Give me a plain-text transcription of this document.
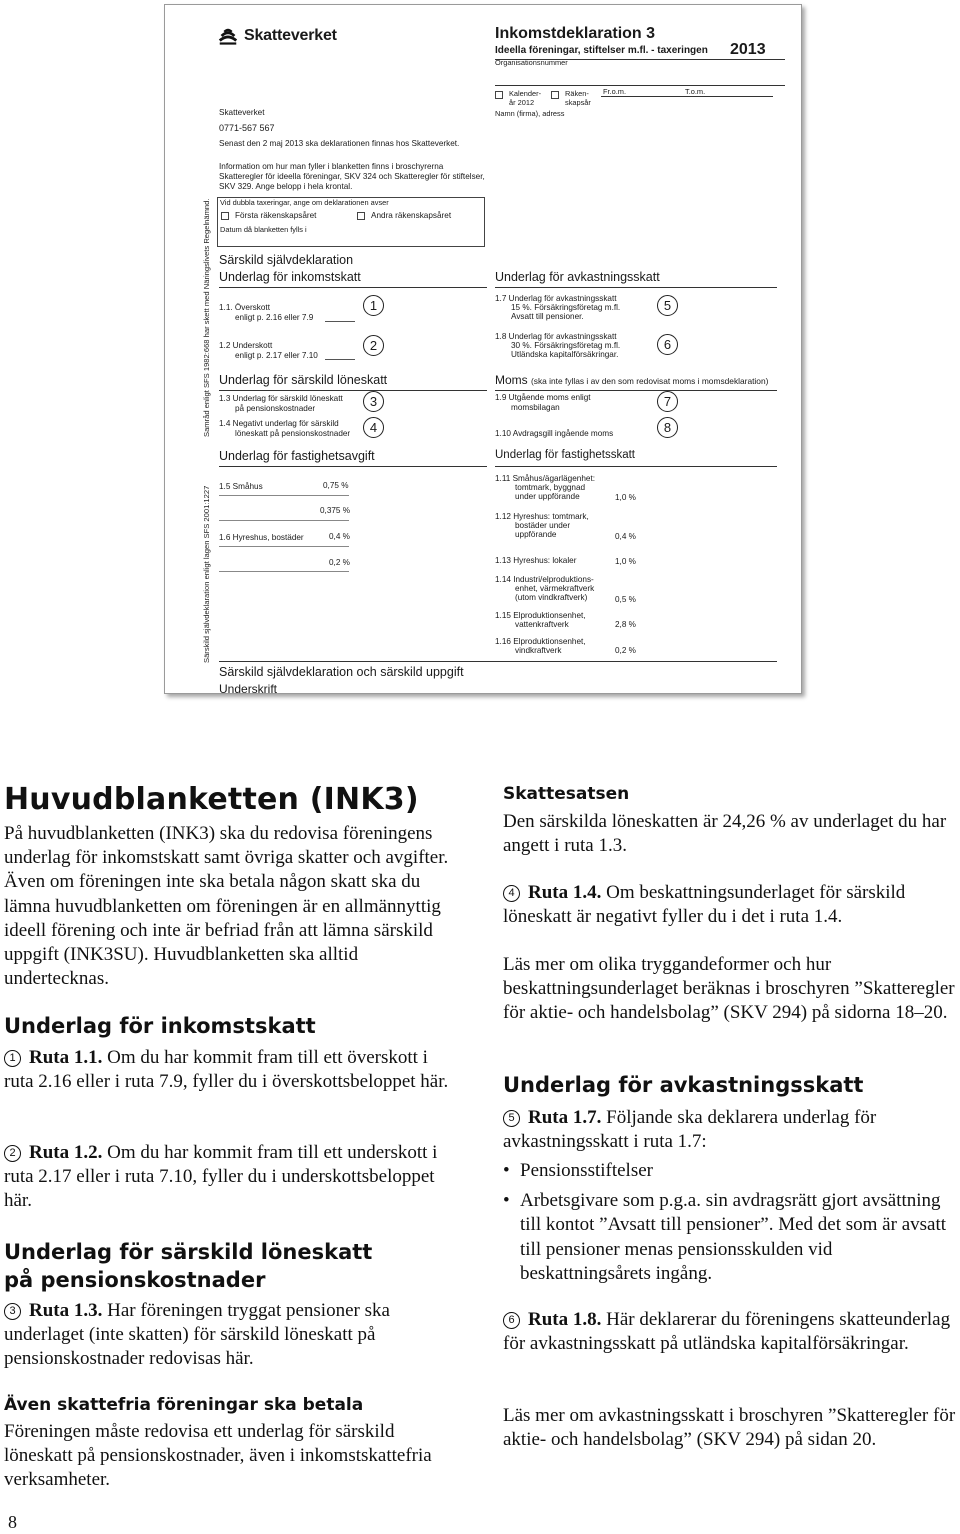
Skatteverket	Inkomstdeklaration 3
Ideella föreningar, stiftelser m.fl. - taxeringen 2013
Organisationsnummer
Kalender-
år 2012
Räken-
skapsår
Fr.o.m.	T.o.m.
Namn (firma), adress
Skatteverket
0771-567 567
Senast den 2 maj 2013 ska deklarationen finnas hos Skatteverket.
Information om hur man fyller i blanketten finns i broschyrerna Skatteregler för ideella föreningar, SKV 324 och Skatteregler för stiftelser, SKV 329. Ange belopp i hela krontal.
Vid dubbla taxeringar, ange om deklarationen avser
Första räkenskapsåret	Andra räkenskapsåret
Datum då blanketten fylls i
Samråd enligt SFS 1982:668 har skett med Näringslivets Regelnämnd.
Särskild självdeklaration enligt lagen SFS 2001:1227
Särskild självdeklaration
Underlag för inkomstskatt
1.1. Överskott
enligt p. 2.16 eller 7.9
1
1.2 Underskott
enligt p. 2.17 eller 7.10
2
Underlag för särskild löneskatt
1.3 Underlag för särskild löneskatt
på pensionskostnader	3
1.4 Negativt underlag för särskild
löneskatt på pensionskostnader	4
Underlag för fastighetsavgift
1.5 Småhus	0,75 %
0,375 %
1.6 Hyreshus, bostäder	0,4 %
0,2 %
Underlag för avkastningsskatt
1.7 Underlag för avkastningsskatt
15 %. Försäkringsföretag m.fl.
Avsatt till pensioner.
5
1.8 Underlag för avkastningsskatt
30 %. Försäkringsföretag m.fl.
Utländska kapitalförsäkringar.
6
Moms (ska inte fyllas i av den som redovisat moms i momsdeklaration)
1.9 Utgående moms enligt
momsbilagan	7
1.10 Avdragsgill ingående moms	8
Underlag för fastighetsskatt
1.11 Småhus/ägarlägenhet:
tomtmark, byggnad
under uppförande	1,0 %
1.12 Hyreshus: tomtmark,
bostäder under
uppförande	0,4 %
1.13 Hyreshus: lokaler	1,0 %
1.14 Industri/elproduktions-
enhet, värmekraftverk
(utom vindkraftverk)	0,5 %
1.15 Elproduktionsenhet,
vattenkraftverk	2,8 %
1.16 Elproduktionsenhet,
vindkraftverk	0,2 %
Särskild självdeklaration och särskild uppgift
Underskrift
Huvudblanketten (INK3)
På huvudblanketten (INK3) ska du redovisa föreningens underlag för inkomstskatt samt övriga skatter och avgifter. Även om föreningen inte ska betala någon skatt ska du lämna huvudblanketten om föreningen är en allmännyttig ideell förening och inte är befriad från att lämna särskild uppgift (INK3SU). Huvudblanketten ska alltid undertecknas.
Underlag för inkomstskatt
1 Ruta 1.1. Om du har kommit fram till ett överskott i ruta 2.16 eller i ruta 7.9, fyller du i överskottsbeloppet här.
2 Ruta 1.2. Om du har kommit fram till ett underskott i ruta 2.17 eller i ruta 7.10, fyller du i underskottsbeloppet här.
Underlag för särskild löneskatt
på pensionskostnader
3 Ruta 1.3. Har föreningen tryggat pensioner ska underlaget (inte skatten) för särskild löneskatt på pensionskostnader redovisas här.
Även skattefria föreningar ska betala
Föreningen måste redovisa ett underlag för särskild löneskatt på pensionskostnader, även i inkomstskattefria verksamheter.
Skattesatsen
Den särskilda löneskatten är 24,26 % av underlaget du har angett i ruta 1.3.
4 Ruta 1.4. Om beskattningsunderlaget för särskild löneskatt är negativt fyller du i det i ruta 1.4.
Läs mer om olika tryggandeformer och hur beskattningsunderlaget beräknas i broschyren ”Skatteregler för aktie- och handelsbolag” (SKV 294) på sidorna 18–20.
Underlag för avkastningsskatt
5 Ruta 1.7. Följande ska deklarera underlag för avkastningsskatt i ruta 1.7:
• Pensionsstiftelser
• Arbetsgivare som p.g.a. sin avdragsrätt gjort avsättning till kontot ”Avsatt till pensioner”. Med det som är avsatt till pensioner menas pensionsskulden vid beskattningsårets ingång.
6 Ruta 1.8. Här deklarerar du föreningens skatteunderlag för avkastningsskatt på utländska kapitalförsäkringar.
Läs mer om avkastningsskatt i broschyren ”Skatteregler för aktie- och handelsbolag” (SKV 294) på sidan 20.
8
